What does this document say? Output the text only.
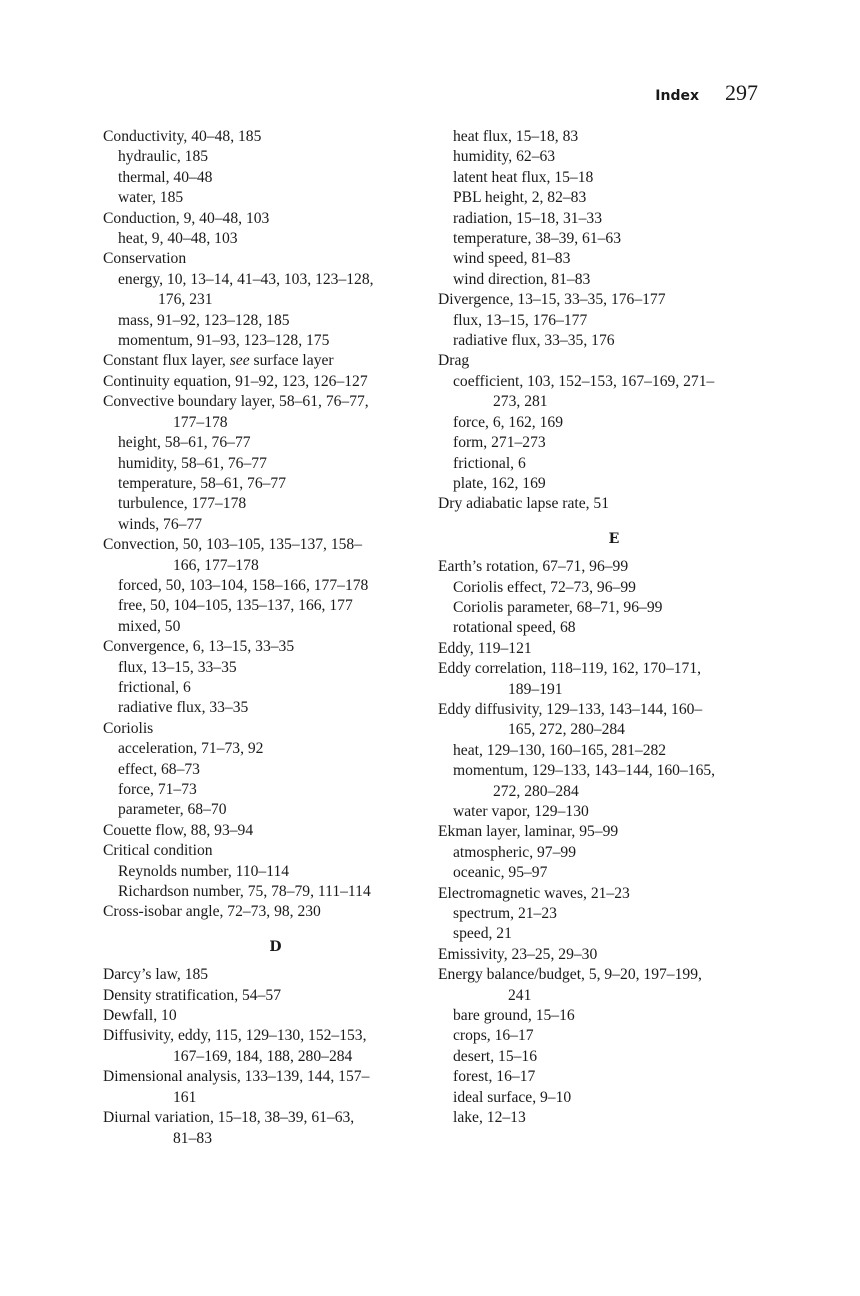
Index 297
Conductivity, 40–48, 185
hydraulic, 185
thermal, 40–48
water, 185
Conduction, 9, 40–48, 103
heat, 9, 40–48, 103
Conservation
energy, 10, 13–14, 41–43, 103, 123–128,
176, 231
mass, 91–92, 123–128, 185
momentum, 91–93, 123–128, 175
Constant flux layer, see surface layer
Continuity equation, 91–92, 123, 126–127
Convective boundary layer, 58–61, 76–77,
177–178
height, 58–61, 76–77
humidity, 58–61, 76–77
temperature, 58–61, 76–77
turbulence, 177–178
winds, 76–77
Convection, 50, 103–105, 135–137, 158–
166, 177–178
forced, 50, 103–104, 158–166, 177–178
free, 50, 104–105, 135–137, 166, 177
mixed, 50
Convergence, 6, 13–15, 33–35
flux, 13–15, 33–35
frictional, 6
radiative flux, 33–35
Coriolis
acceleration, 71–73, 92
effect, 68–73
force, 71–73
parameter, 68–70
Couette flow, 88, 93–94
Critical condition
Reynolds number, 110–114
Richardson number, 75, 78–79, 111–114
Cross-isobar angle, 72–73, 98, 230
D
Darcy’s law, 185
Density stratification, 54–57
Dewfall, 10
Diffusivity, eddy, 115, 129–130, 152–153,
167–169, 184, 188, 280–284
Dimensional analysis, 133–139, 144, 157–
161
Diurnal variation, 15–18, 38–39, 61–63,
81–83
heat flux, 15–18, 83
humidity, 62–63
latent heat flux, 15–18
PBL height, 2, 82–83
radiation, 15–18, 31–33
temperature, 38–39, 61–63
wind speed, 81–83
wind direction, 81–83
Divergence, 13–15, 33–35, 176–177
flux, 13–15, 176–177
radiative flux, 33–35, 176
Drag
coefficient, 103, 152–153, 167–169, 271–
273, 281
force, 6, 162, 169
form, 271–273
frictional, 6
plate, 162, 169
Dry adiabatic lapse rate, 51
E
Earth’s rotation, 67–71, 96–99
Coriolis effect, 72–73, 96–99
Coriolis parameter, 68–71, 96–99
rotational speed, 68
Eddy, 119–121
Eddy correlation, 118–119, 162, 170–171,
189–191
Eddy diffusivity, 129–133, 143–144, 160–
165, 272, 280–284
heat, 129–130, 160–165, 281–282
momentum, 129–133, 143–144, 160–165,
272, 280–284
water vapor, 129–130
Ekman layer, laminar, 95–99
atmospheric, 97–99
oceanic, 95–97
Electromagnetic waves, 21–23
spectrum, 21–23
speed, 21
Emissivity, 23–25, 29–30
Energy balance/budget, 5, 9–20, 197–199,
241
bare ground, 15–16
crops, 16–17
desert, 15–16
forest, 16–17
ideal surface, 9–10
lake, 12–13
